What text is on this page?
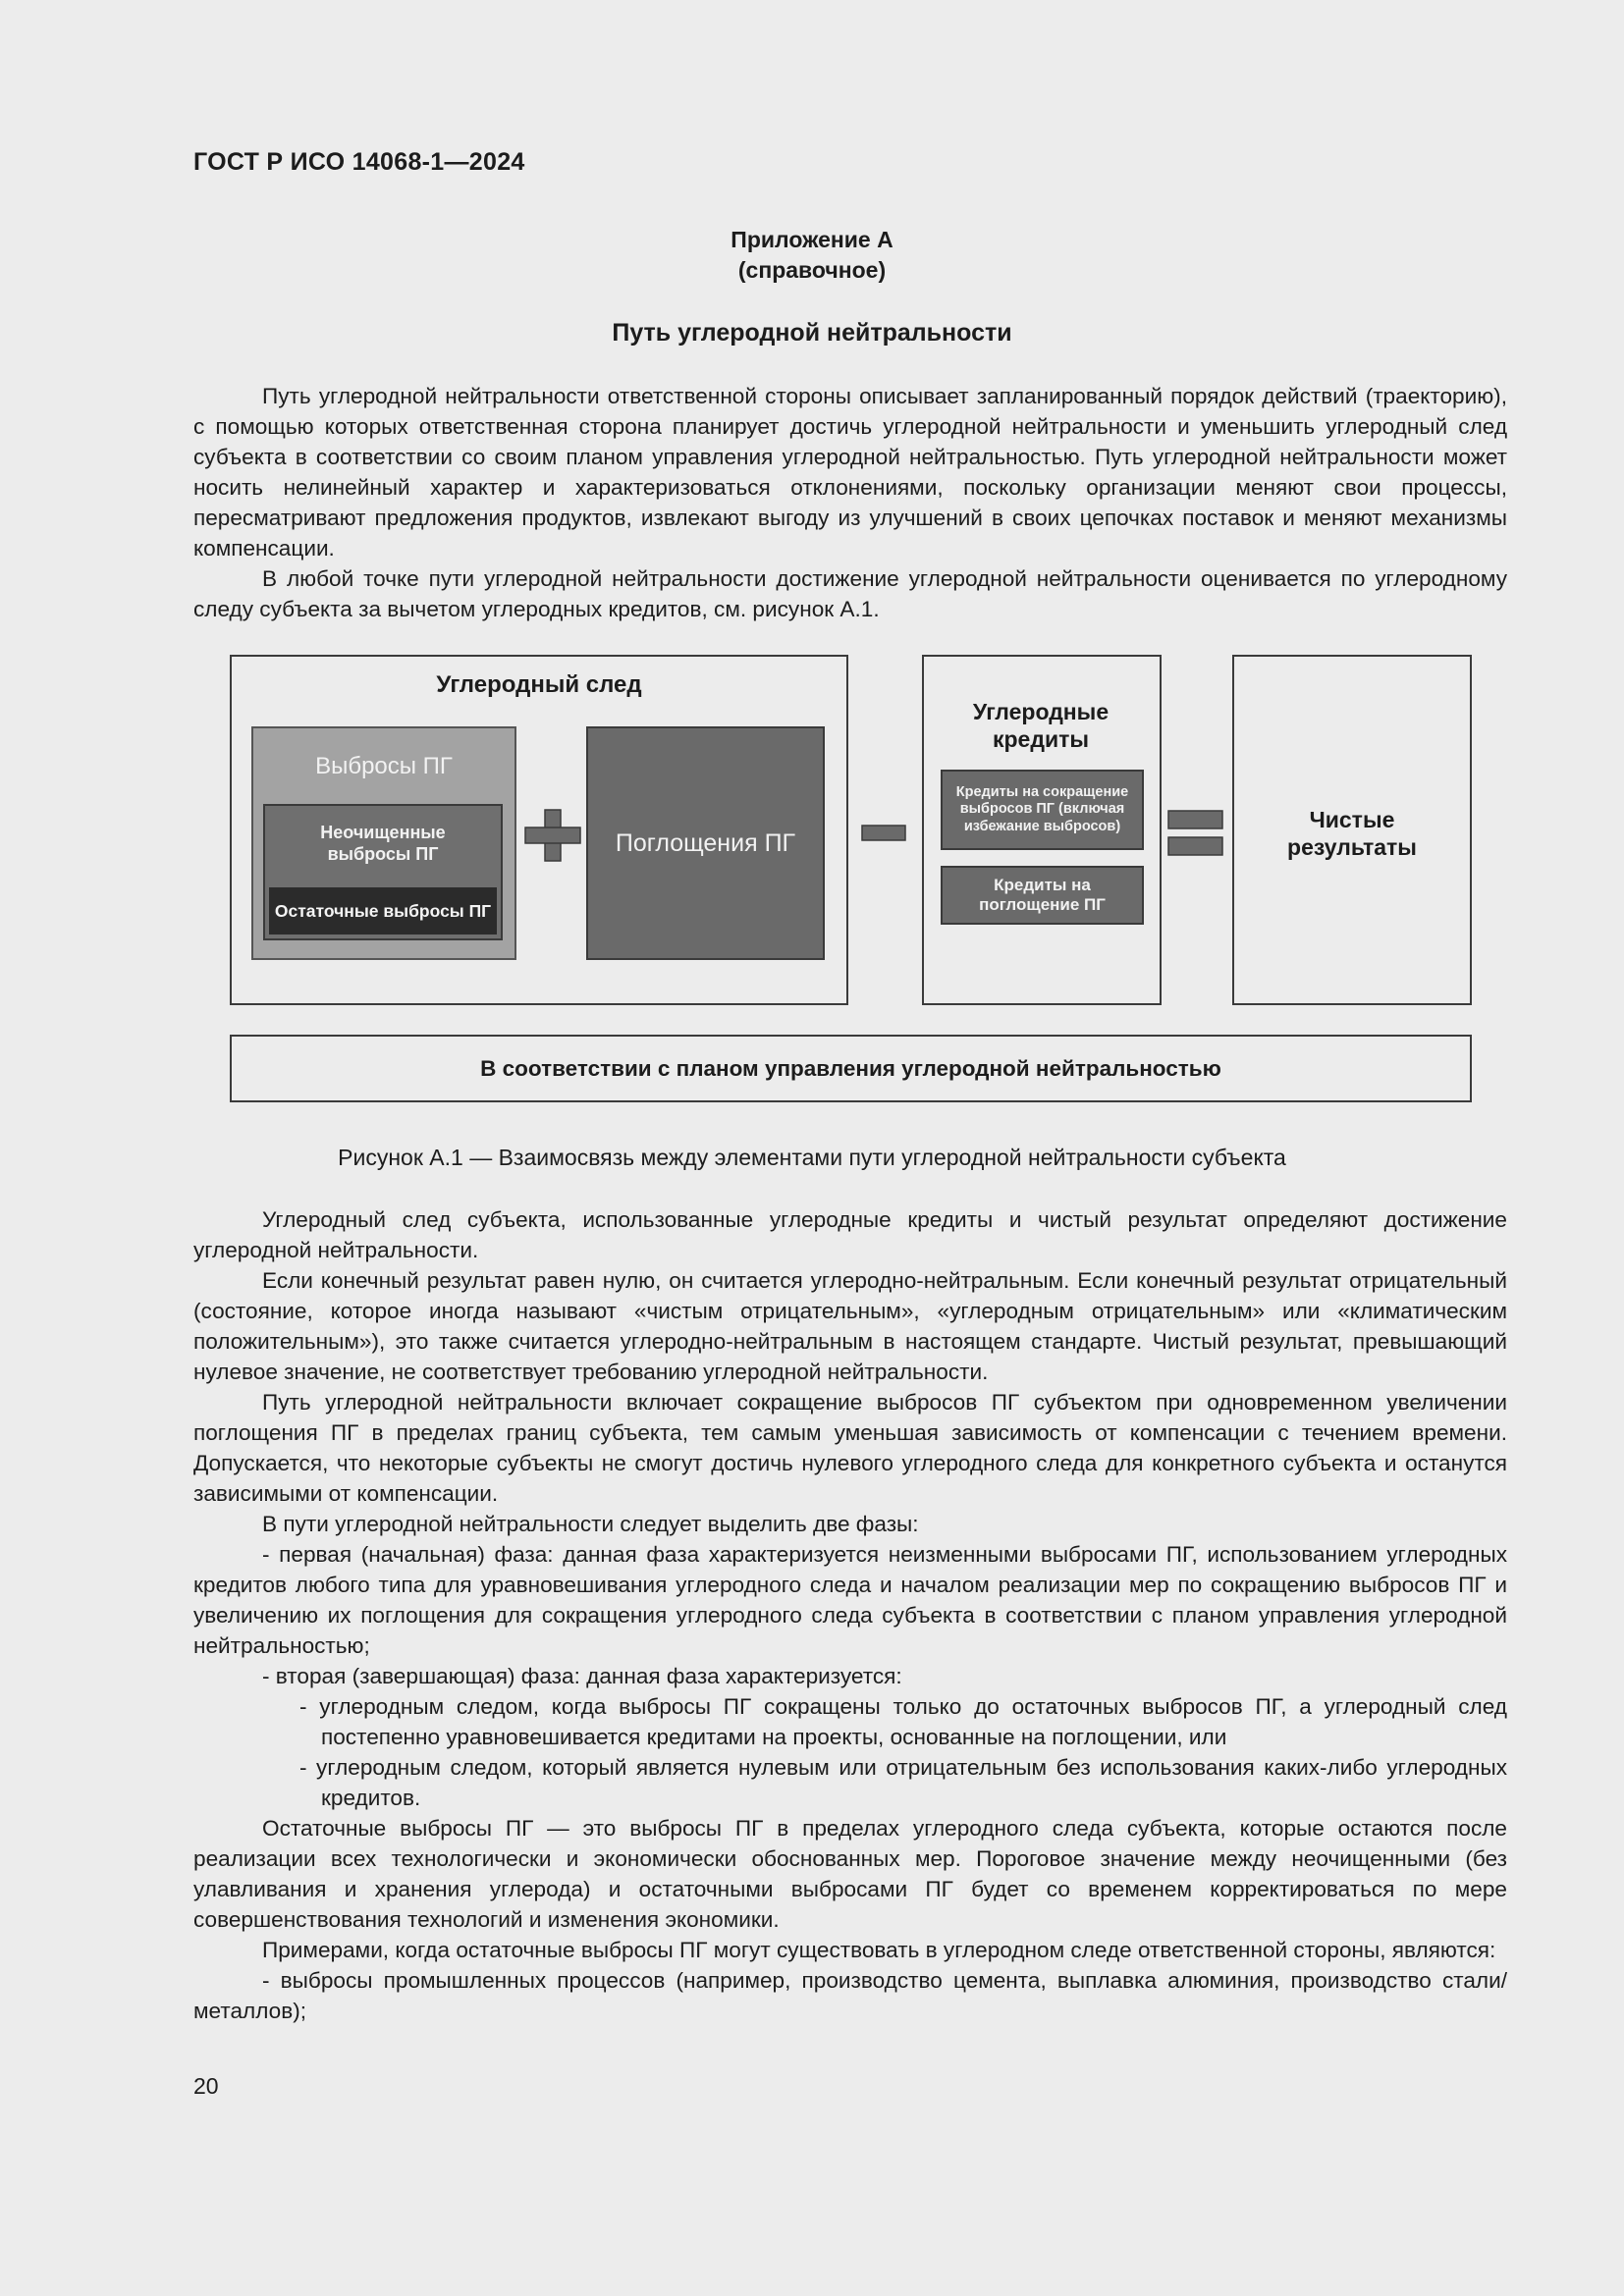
ГОСТ Р ИСО 14068-1—2024
Приложение А
(справочное)
Путь углеродной нейтральности

Путь углеродной нейтральности ответственной стороны описывает запланированный порядок действий (траекторию), с помощью которых ответственная сторона планирует достичь углеродной нейтральности и уменьшить углеродный след субъекта в соответствии со своим планом управления углеродной нейтральностью. Путь углеродной нейтральности может носить нелинейный характер и характеризоваться отклонениями, поскольку организации меняют свои процессы, пересматривают предложения продуктов, извлекают выгоду из улучшений в своих цепочках поставок и меняют механизмы компенсации.

В любой точке пути углеродной нейтральности достижение углеродной нейтральности оценивается по углеродному следу субъекта за вычетом углеродных кредитов, см. рисунок А.1.

Углеродный след
Выбросы ПГ
Неочищенные выбросы ПГ
Остаточные выбросы ПГ
Поглощения ПГ
Углеродные кредиты
Кредиты на сокращение выбросов ПГ (включая избежание выбросов)
Кредиты на поглощение ПГ
Чистые результаты
В соответствии с планом управления углеродной нейтральностью
Рисунок А.1 — Взаимосвязь между элементами пути углеродной нейтральности субъекта

Углеродный след субъекта, использованные углеродные кредиты и чистый результат определяют достижение углеродной нейтральности.

Если конечный результат равен нулю, он считается углеродно-нейтральным. Если конечный результат отрицательный (состояние, которое иногда называют «чистым отрицательным», «углеродным отрицательным» или «климатическим положительным»), это также считается углеродно-нейтральным в настоящем стандарте. Чистый результат, превышающий нулевое значение, не соответствует требованию углеродной нейтральности.

Путь углеродной нейтральности включает сокращение выбросов ПГ субъектом при одновременном увеличении поглощения ПГ в пределах границ субъекта, тем самым уменьшая зависимость от компенсации с течением времени. Допускается, что некоторые субъекты не смогут достичь нулевого углеродного следа для конкретного субъекта и останутся зависимыми от компенсации.

В пути углеродной нейтральности следует выделить две фазы:

- первая (начальная) фаза: данная фаза характеризуется неизменными выбросами ПГ, использованием углеродных кредитов любого типа для уравновешивания углеродного следа и началом реализации мер по сокращению выбросов ПГ и увеличению их поглощения для сокращения углеродного следа субъекта в соответствии с планом управления углеродной нейтральностью;

- вторая (завершающая) фаза: данная фаза характеризуется:

- углеродным следом, когда выбросы ПГ сокращены только до остаточных выбросов ПГ, а углеродный след постепенно уравновешивается кредитами на проекты, основанные на поглощении, или

- углеродным следом, который является нулевым или отрицательным без использования каких-либо углеродных кредитов.

Остаточные выбросы ПГ — это выбросы ПГ в пределах углеродного следа субъекта, которые остаются после реализации всех технологически и экономически обоснованных мер. Пороговое значение между неочищенными (без улавливания и хранения углерода) и остаточными выбросами ПГ будет со временем корректироваться по мере совершенствования технологий и изменения экономики.

Примерами, когда остаточные выбросы ПГ могут существовать в углеродном следе ответственной стороны, являются:

- выбросы промышленных процессов (например, производство цемента, выплавка алюминия, производство стали/металлов);

20
